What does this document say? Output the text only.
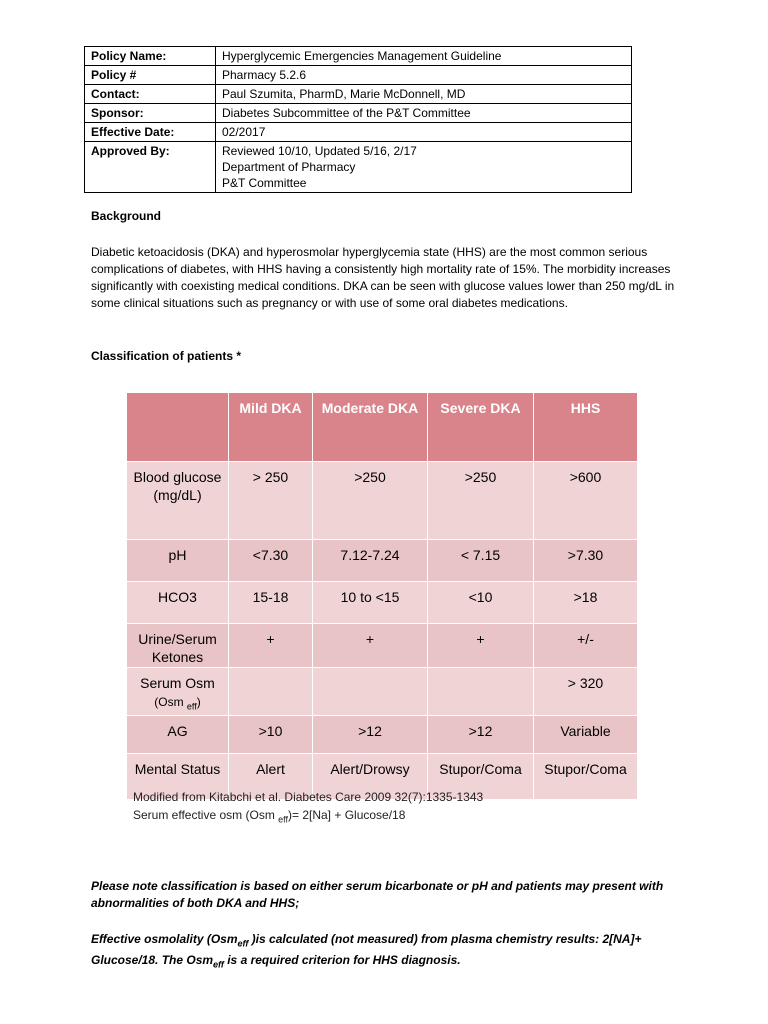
Policy Name:	Hyperglycemic Emergencies Management Guideline

Policy #	Pharmacy 5.2.6

Contact:	Paul Szumita, PharmD, Marie McDonnell, MD

Sponsor:	Diabetes Subcommittee of the P&T Committee

Effective Date:	02/2017

Approved By:	Reviewed 10/10, Updated 5/16, 2/17
Department of Pharmacy
P&T Committee

Background

Diabetic ketoacidosis (DKA) and hyperosmolar hyperglycemia state (HHS) are the most common serious complications of diabetes, with HHS having a consistently high mortality rate of 15%. The morbidity increases significantly with coexisting medical conditions. DKA can be seen with glucose values lower than 250 mg/dL in some clinical situations such as pregnancy or with use of some oral diabetes medications.

Classification of patients *

	Mild DKA	Moderate DKA	Severe DKA	HHS
Blood glucose (mg/dL)	> 250	>250	>250	>600
pH	<7.30	7.12-7.24	< 7.15	>7.30
HCO3	15-18	10 to <15	<10	>18
Urine/Serum Ketones	+	+	+	+/-
Serum Osm
(Osm $_{eff}$)				> 320
AG	>10	>12	>12	Variable
Mental Status	Alert	Alert/Drowsy	Stupor/Coma	Stupor/Coma
Modified from Kitabchi et al. Diabetes Care 2009 32(7):1335-1343
Serum effective osm (Osm $_{eff}$)= 2[Na] + Glucose/18

Please note classification is based on either serum bicarbonate or pH and patients may present with abnormalities of both DKA and HHS;

Effective osmolality (Osm$_{eff}$ )is calculated (not measured) from plasma chemistry results: 2[NA]+ Glucose/18. The Osm$_{eff}$ is a required criterion for HHS diagnosis.
